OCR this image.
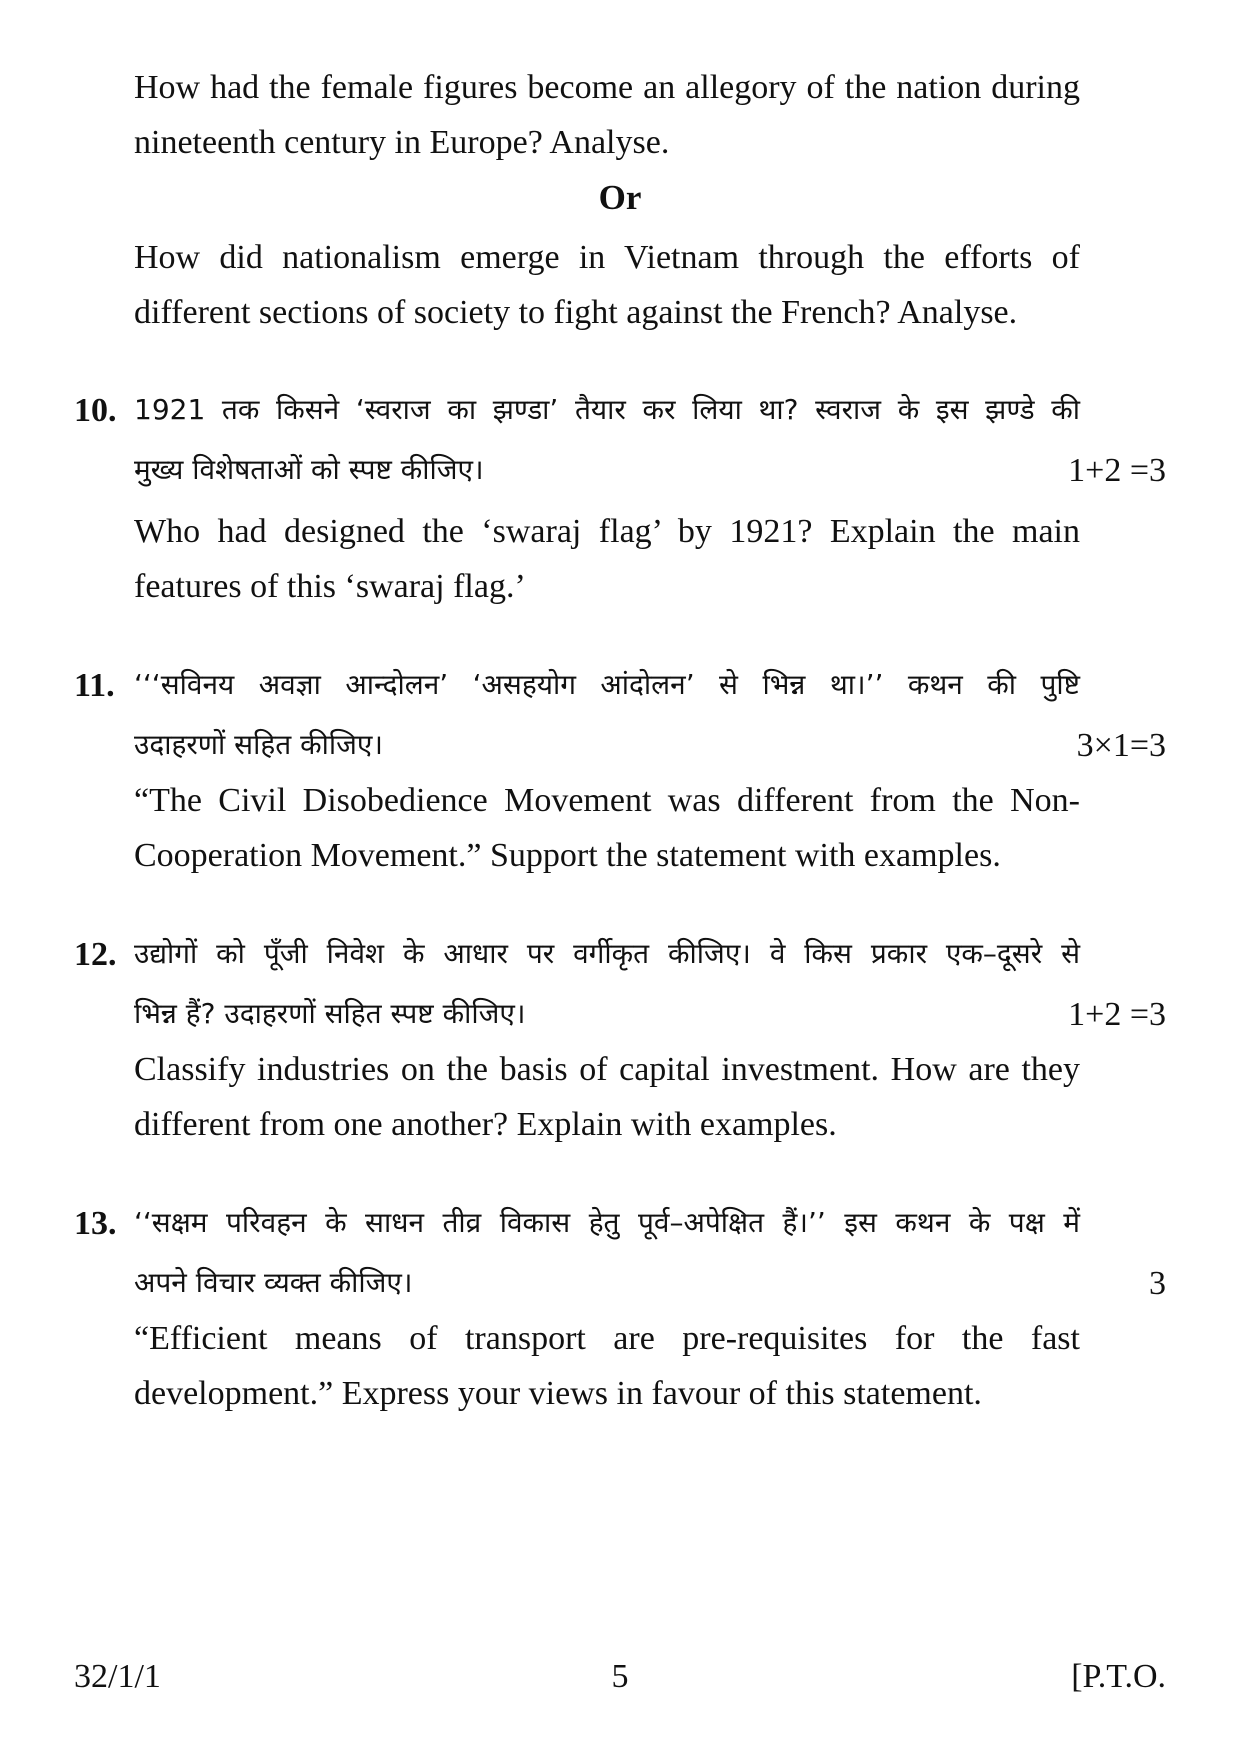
How had the female figures become an allegory of the nation during nineteenth century in Europe? Analyse.
Or
How did nationalism emerge in Vietnam through the efforts of different sections of society to fight against the French? Analyse.
10. 1921 तक किसने ‘स्वराज का झण्डा’ तैयार कर लिया था? स्वराज के इस झण्डे की
मुख्य विशेषताओं को स्पष्ट कीजिए।	1+2 =3
Who had designed the ‘swaraj flag’ by 1921? Explain the main features of this ‘swaraj flag.’
11. ‘‘‘सविनय अवज्ञा आन्दोलन’ ‘असहयोग आंदोलन’ से भिन्न था।’’ कथन की पुष्टि
उदाहरणों सहित कीजिए।	3×1=3
“The Civil Disobedience Movement was different from the Non-Cooperation Movement.” Support the statement with examples.
12. उद्योगों को पूँजी निवेश के आधार पर वर्गीकृत कीजिए। वे किस प्रकार एक–दूसरे से
भिन्न हैं? उदाहरणों सहित स्पष्ट कीजिए।	1+2 =3
Classify industries on the basis of capital investment. How are they different from one another? Explain with examples.
13. ‘‘सक्षम परिवहन के साधन तीव्र विकास हेतु पूर्व–अपेक्षित हैं।’’ इस कथन के पक्ष में
अपने विचार व्यक्त कीजिए।	3
“Efficient means of transport are pre-requisites for the fast development.” Express your views in favour of this statement.
32/1/1	5	[P.T.O.
